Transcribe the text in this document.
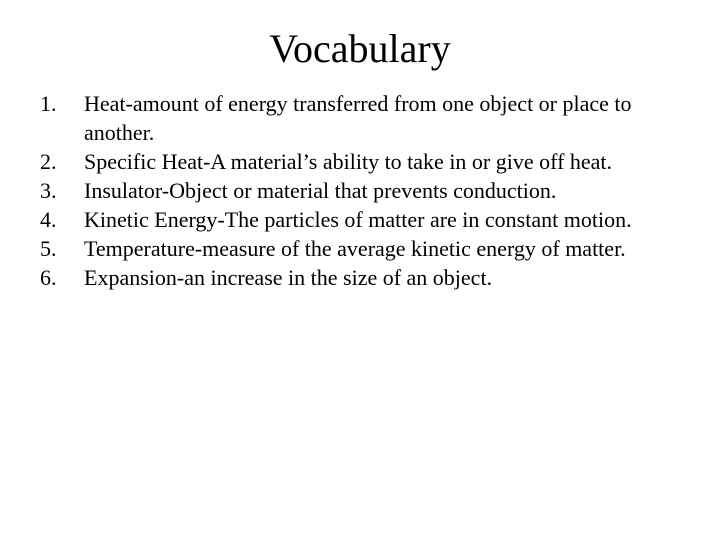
Vocabulary
1.	Heat-amount of energy transferred from one object or place to another.
2.	Specific Heat-A material’s ability to take in or give off heat.
3.	Insulator-Object or material that prevents conduction.
4.	Kinetic Energy-The particles of matter are in constant motion.
5.	Temperature-measure of the average kinetic energy of matter.
6.	Expansion-an increase in the size of an object.
